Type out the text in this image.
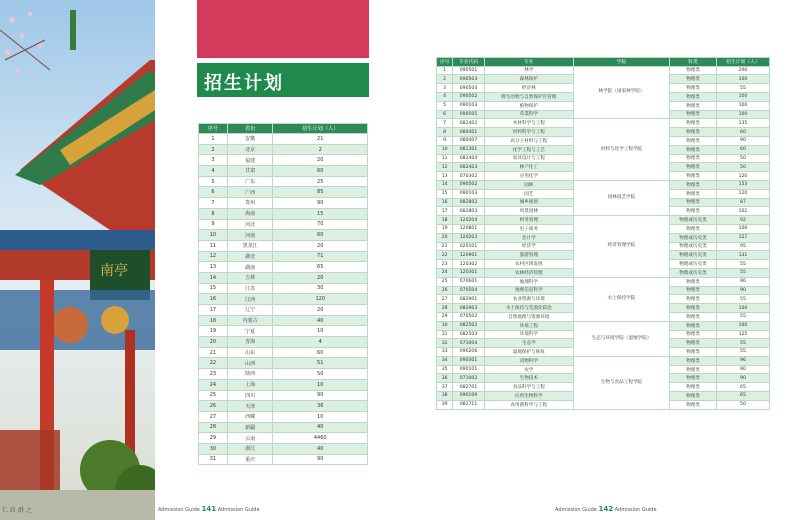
南亭
仁 政 群 之
招生计划
序号	省份	招生计划（人）
1	安徽	21
2	北京	2
3	福建	20
4	甘肃	60
5	广东	25
6	广西	85
7	贵州	90
8	海南	15
9	河北	70
10	河南	60
11	黑龙江	20
12	湖北	71
13	湖南	65
14	吉林	20
15	江苏	30
16	江西	120
17	辽宁	20
18	内蒙古	40
19	宁夏	10
20	青海	4
21	山东	60
22	山西	51
23	陕西	50
24	上海	10
25	四川	90
26	天津	36
27	西藏	10
28	新疆	40
29	云南	4460
30	浙江	40
31	重庆	90
序号	专业代码	专业	学院	科类	招生计划（人）
1	090501	林学	林学院（国家林学院）	物理类	200
2	090503	森林保护		物理类	100
3	090504	经济林		物理类	55
4	090502	野生动物与自然保护区管理		物理类	100
5	090103	植物保护		物理类	100
6	090505	草業科学		物理类	100
7	082402	木材科学与工程	材料与化学工程学院	物理类	135
8	080401	材料科学与工程		物理类	60
9	080407	高分子材料与工程		物理类	90
10	081301	化学工程与工艺		物理类	60
11	082404	家具设计与工程		物理类	50
12	082403	林产化工		物理类	50
13	070302	应用化学		物理类	120
14	090502	园林	园林园艺学院	物理类	153
15	090103	园艺		物理类	120
16	082802	城乡规划		物理类	87
17	082803	风景园林		物理类	102
18	120204	财务管理	经济管理学院	物理或历史类	92
19	120801	电子商务		物理类	100
20	120203	会计学		物理或历史类	127
21	020101	经济学		物理或历史类	95
22	120901	旅游管理		物理或历史类	131
23	120302	农村区域发展		物理或历史类	55
24	120301	农林经济管理		物理或历史类	55
25	070601	地理科学	水土保持学院	物理类	96
26	070504	地理信息科学		物理类	90
27	082901	农业资源与环境		物理类	55
28	082903	水土保持与荒漠化防治		物理类	100
29	070502	自然地理与资源环境		物理类	55
30	082502	环境工程	生态与环境学院（湿地学院）	物理类	100
31	082503	环境科学		物理类	125
32	071004	生态学		物理类	55
33	090206	湿地保护与恢复		物理类	55
34	090301	动物科学	生物与食品工程学院	物理类	96
35	090101	农学		物理类	90
36	071002	生物技术		物理类	90
37	082701	食品科学与工程		物理类	65
38	090109	应用生物科学		物理类	65
39	082711	食用菌科学与工程		物理类	50
Admission Guide 141 Admission Guide	Admission Guide 142 Admission Guide
